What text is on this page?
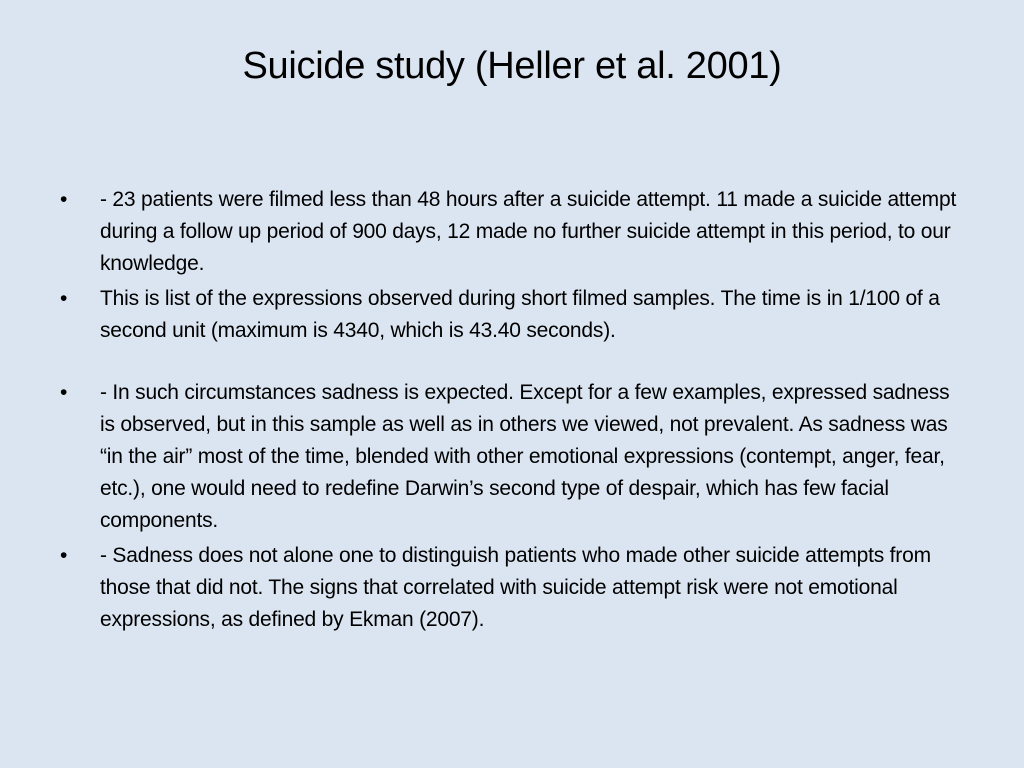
Suicide study (Heller et al. 2001)
• - 23 patients were filmed less than 48 hours after a suicide attempt. 11 made a suicide attempt during a follow up period of 900 days, 12 made no further suicide attempt in this period, to our knowledge.
• This is list of the expressions observed during short filmed samples. The time is in 1/100 of a second unit (maximum is 4340, which is 43.40 seconds).
• - In such circumstances sadness is expected. Except for a few examples, expressed sadness is observed, but in this sample as well as in others we viewed, not prevalent. As sadness was “in the air” most of the time, blended with other emotional expressions (contempt, anger, fear, etc.), one would need to redefine Darwin’s second type of despair, which has few facial components.
• - Sadness does not alone one to distinguish patients who made other suicide attempts from those that did not. The signs that correlated with suicide attempt risk were not emotional expressions, as defined by Ekman (2007).
